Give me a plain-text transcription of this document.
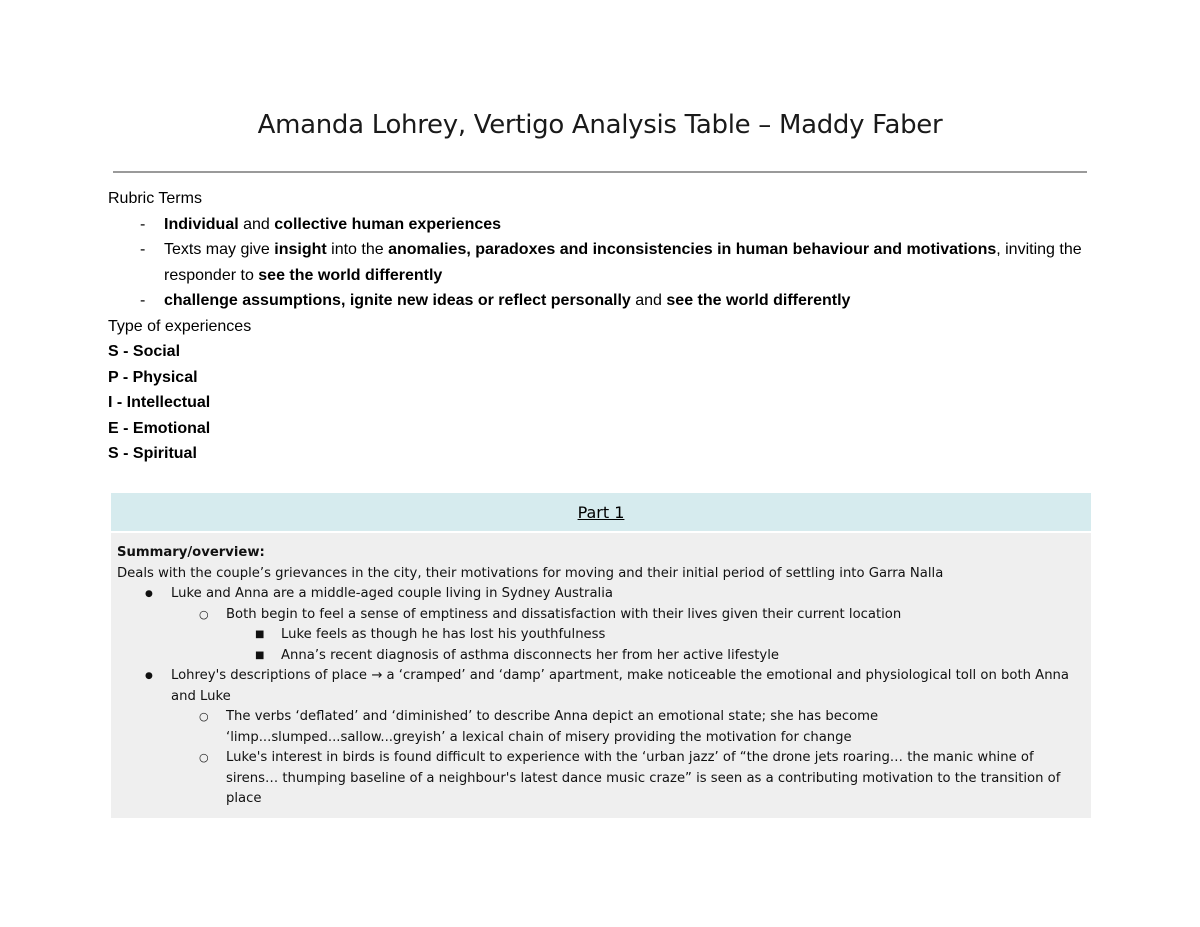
Amanda Lohrey, Vertigo Analysis Table – Maddy Faber
Rubric Terms
- Individual and collective human experiences
- Texts may give insight into the anomalies, paradoxes and inconsistencies in human behaviour and motivations, inviting the responder to see the world differently
- challenge assumptions, ignite new ideas or reflect personally and see the world differently
Type of experiences
S - Social
P - Physical
I - Intellectual
E - Emotional
S - Spiritual
Part 1
Summary/overview:
Deals with the couple’s grievances in the city, their motivations for moving and their initial period of settling into Garra Nalla
● Luke and Anna are a middle-aged couple living in Sydney Australia
○ Both begin to feel a sense of emptiness and dissatisfaction with their lives given their current location
■ Luke feels as though he has lost his youthfulness
■ Anna’s recent diagnosis of asthma disconnects her from her active lifestyle
● Lohrey's descriptions of place → a ‘cramped’ and ‘damp’ apartment, make noticeable the emotional and physiological toll on both Anna and Luke
○ The verbs ‘deflated’ and ‘diminished’ to describe Anna depict an emotional state; she has become ‘limp...slumped...sallow...greyish’ a lexical chain of misery providing the motivation for change
○ Luke's interest in birds is found difficult to experience with the ‘urban jazz’ of “the drone jets roaring… the manic whine of sirens… thumping baseline of a neighbour's latest dance music craze” is seen as a contributing motivation to the transition of place
